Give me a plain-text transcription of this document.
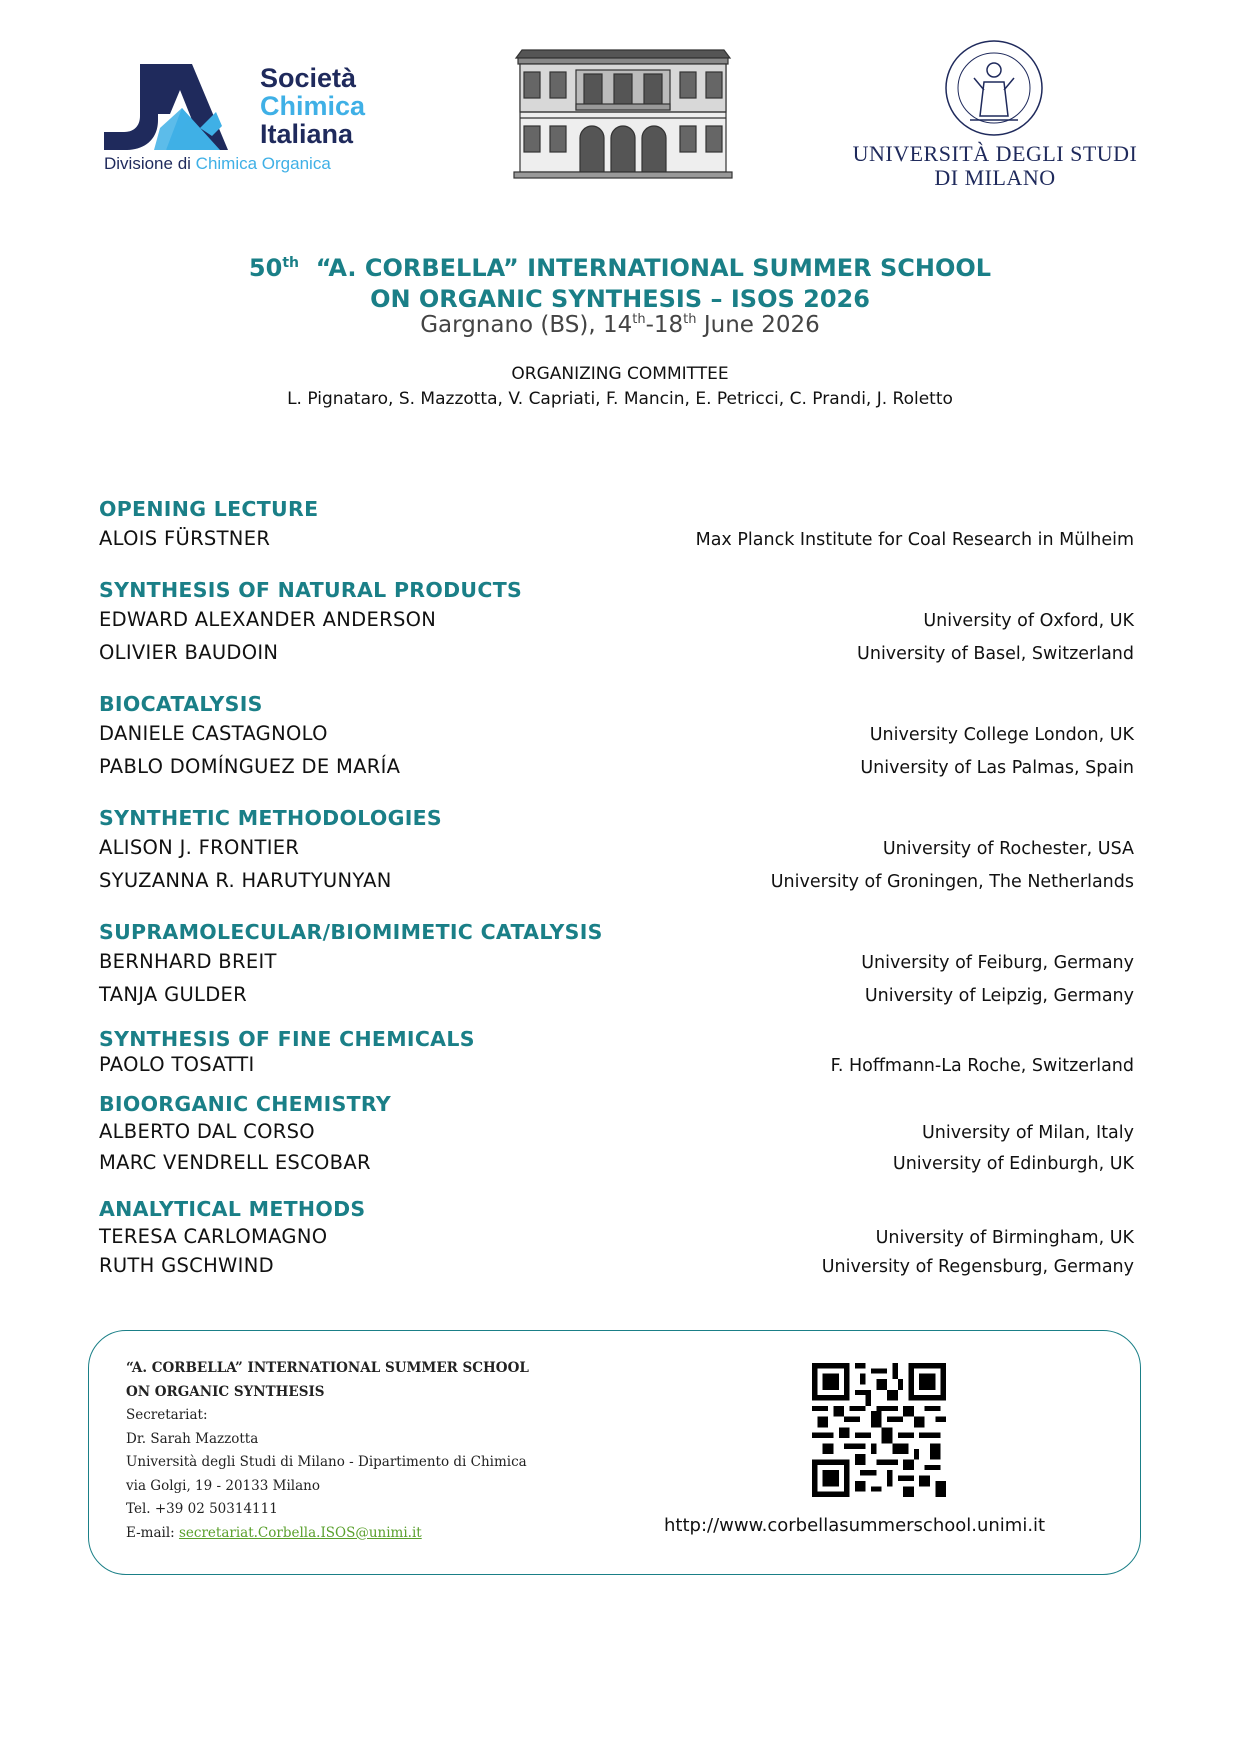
Società
Chimica
Italiana
Divisione di Chimica Organica	UNIVERSITÀ DEGLI STUDI
DI MILANO
50th “A. CORBELLA” INTERNATIONAL SUMMER SCHOOL
ON ORGANIC SYNTHESIS – ISOS 2026
Gargnano (BS), 14th-18th June 2026
ORGANIZING COMMITTEE
L. Pignataro, S. Mazzotta, V. Capriati, F. Mancin, E. Petricci, C. Prandi, J. Roletto
OPENING LECTURE
ALOIS FÜRSTNER	Max Planck Institute for Coal Research in Mülheim
SYNTHESIS OF NATURAL PRODUCTS
EDWARD ALEXANDER ANDERSON	University of Oxford, UK
OLIVIER BAUDOIN	University of Basel, Switzerland
BIOCATALYSIS
DANIELE CASTAGNOLO	University College London, UK
PABLO DOMÍNGUEZ DE MARÍA	University of Las Palmas, Spain
SYNTHETIC METHODOLOGIES
ALISON J. FRONTIER	University of Rochester, USA
SYUZANNA R. HARUTYUNYAN	University of Groningen, The Netherlands
SUPRAMOLECULAR/BIOMIMETIC CATALYSIS
BERNHARD BREIT	University of Feiburg, Germany
TANJA GULDER	University of Leipzig, Germany
SYNTHESIS OF FINE CHEMICALS
PAOLO TOSATTI	F. Hoffmann-La Roche, Switzerland
BIOORGANIC CHEMISTRY
ALBERTO DAL CORSO	University of Milan, Italy
MARC VENDRELL ESCOBAR	University of Edinburgh, UK
ANALYTICAL METHODS
TERESA CARLOMAGNO	University of Birmingham, UK
RUTH GSCHWIND	University of Regensburg, Germany
“A. CORBELLA” INTERNATIONAL SUMMER SCHOOL
ON ORGANIC SYNTHESIS
Secretariat:
Dr. Sarah Mazzotta
Università degli Studi di Milano - Dipartimento di Chimica
via Golgi, 19 - 20133 Milano
Tel. +39 02 50314111
E-mail: secretariat.Corbella.ISOS@unimi.it	http://www.corbellasummerschool.unimi.it
